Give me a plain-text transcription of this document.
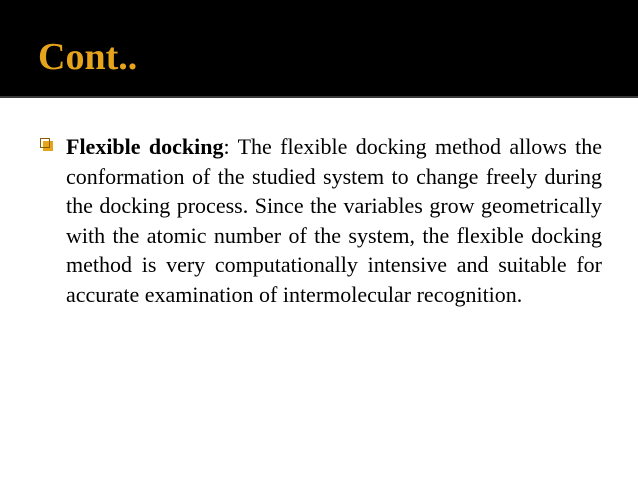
Cont..
Flexible docking: The flexible docking method allows the conformation of the studied system to change freely during the docking process. Since the variables grow geometrically with the atomic number of the system, the flexible docking method is very computationally intensive and suitable for accurate examination of intermolecular recognition.
